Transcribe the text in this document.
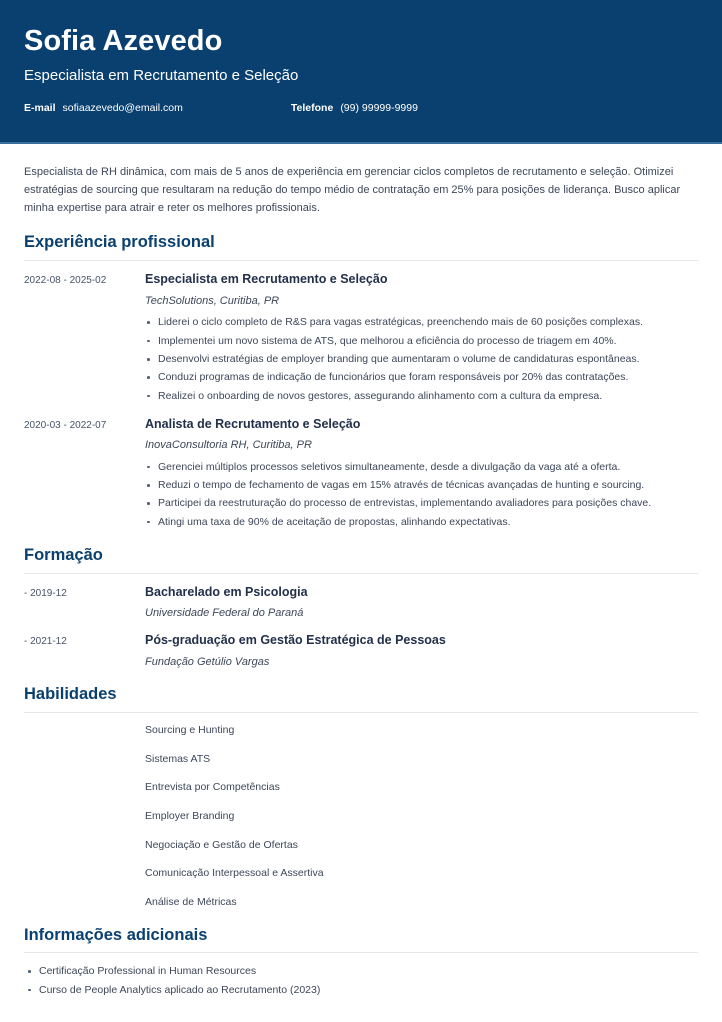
Sofia Azevedo
Especialista em Recrutamento e Seleção
E-mail sofiaazevedo@email.com	Telefone (99) 99999-9999

Especialista de RH dinâmica, com mais de 5 anos de experiência em gerenciar ciclos completos de recrutamento e seleção. Otimizei estratégias de sourcing que resultaram na redução do tempo médio de contratação em 25% para posições de liderança. Busco aplicar minha expertise para atrair e reter os melhores profissionais.

Experiência profissional
2022-08 - 2025-02	Especialista em Recrutamento e Seleção
TechSolutions, Curitiba, PR
Liderei o ciclo completo de R&S para vagas estratégicas, preenchendo mais de 60 posições complexas.
Implementei um novo sistema de ATS, que melhorou a eficiência do processo de triagem em 40%.
Desenvolvi estratégias de employer branding que aumentaram o volume de candidaturas espontâneas.
Conduzi programas de indicação de funcionários que foram responsáveis por 20% das contratações.
Realizei o onboarding de novos gestores, assegurando alinhamento com a cultura da empresa.
2020-03 - 2022-07	Analista de Recrutamento e Seleção
InovaConsultoria RH, Curitiba, PR
Gerenciei múltiplos processos seletivos simultaneamente, desde a divulgação da vaga até a oferta.
Reduzi o tempo de fechamento de vagas em 15% através de técnicas avançadas de hunting e sourcing.
Participei da reestruturação do processo de entrevistas, implementando avaliadores para posições chave.
Atingi uma taxa de 90% de aceitação de propostas, alinhando expectativas.
Formação
- 2019-12	Bacharelado em Psicologia
Universidade Federal do Paraná
- 2021-12	Pós-graduação em Gestão Estratégica de Pessoas
Fundação Getúlio Vargas
Habilidades
Sourcing e Hunting
Sistemas ATS
Entrevista por Competências
Employer Branding
Negociação e Gestão de Ofertas
Comunicação Interpessoal e Assertiva
Análise de Métricas
Informações adicionais
Certificação Professional in Human Resources
Curso de People Analytics aplicado ao Recrutamento (2023)
